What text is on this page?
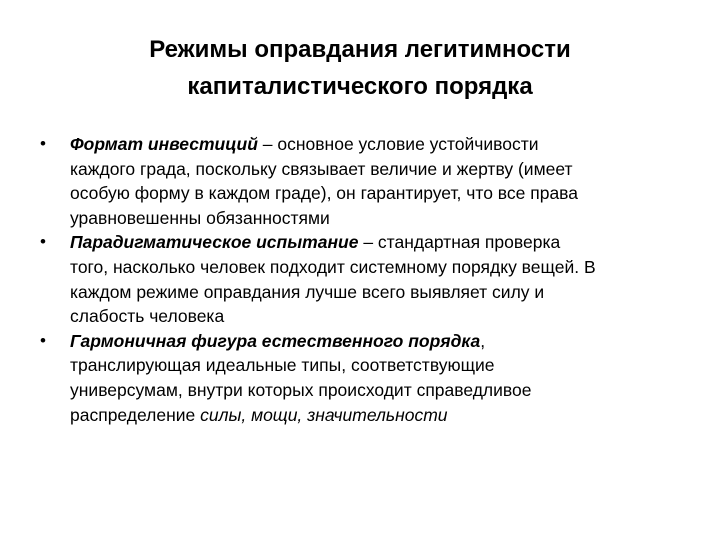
Режимы оправдания легитимности
капиталистического порядка
• Формат инвестиций – основное условие устойчивости
каждого града, поскольку связывает величие и жертву (имеет
особую форму в каждом граде), он гарантирует, что все права
уравновешенны обязанностями
• Парадигматическое испытание – стандартная проверка
того, насколько человек подходит системному порядку вещей. В
каждом режиме оправдания лучше всего выявляет силу и
слабость человека
• Гармоничная фигура естественного порядка,
транслирующая идеальные типы, соответствующие
универсумам, внутри которых происходит справедливое
распределение силы, мощи, значительности
